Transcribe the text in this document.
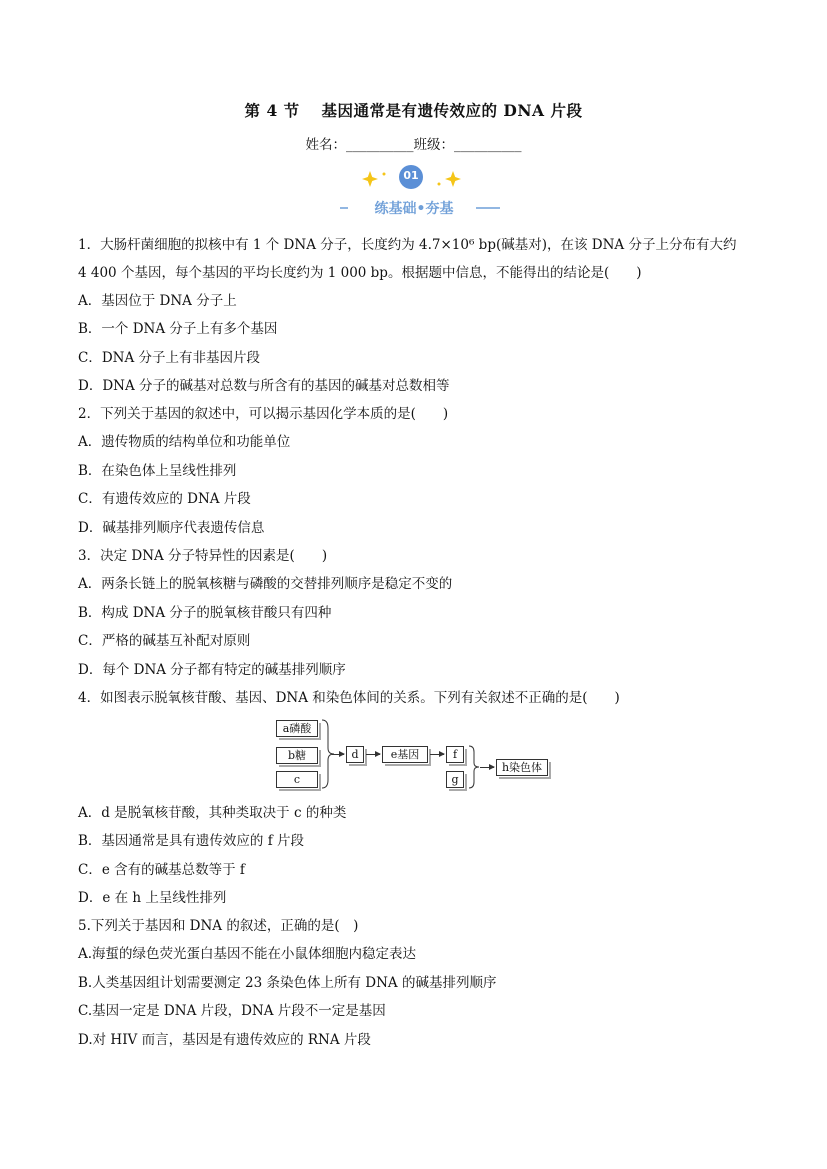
第 4 节　 基因通常是有遗传效应的 DNA 片段
姓名：__________班级：__________
01
练基础•夯基
1．大肠杆菌细胞的拟核中有 1 个 DNA 分子，长度约为 4.7×10⁶ bp(碱基对)，在该 DNA 分子上分布有大约
4 400 个基因，每个基因的平均长度约为 1 000 bp。根据题中信息，不能得出的结论是(　　)
A．基因位于 DNA 分子上
B．一个 DNA 分子上有多个基因
C．DNA 分子上有非基因片段
D．DNA 分子的碱基对总数与所含有的基因的碱基对总数相等
2．下列关于基因的叙述中，可以揭示基因化学本质的是(　　)
A．遗传物质的结构单位和功能单位
B．在染色体上呈线性排列
C．有遗传效应的 DNA 片段
D．碱基排列顺序代表遗传信息
3．决定 DNA 分子特异性的因素是(　　)
A．两条长链上的脱氧核糖与磷酸的交替排列顺序是稳定不变的
B．构成 DNA 分子的脱氧核苷酸只有四种
C．严格的碱基互补配对原则
D．每个 DNA 分子都有特定的碱基排列顺序
4．如图表示脱氧核苷酸、基因、DNA 和染色体间的关系。下列有关叙述不正确的是(　　)
a磷酸
b糖
c
d	e基因	f
g
h染色体
A．d 是脱氧核苷酸，其种类取决于 c 的种类
B．基因通常是具有遗传效应的 f 片段
C．e 含有的碱基总数等于 f
D．e 在 h 上呈线性排列
5.下列关于基因和 DNA 的叙述，正确的是(　)
A.海蜇的绿色荧光蛋白基因不能在小鼠体细胞内稳定表达
B.人类基因组计划需要测定 23 条染色体上所有 DNA 的碱基排列顺序
C.基因一定是 DNA 片段，DNA 片段不一定是基因
D.对 HIV 而言，基因是有遗传效应的 RNA 片段
